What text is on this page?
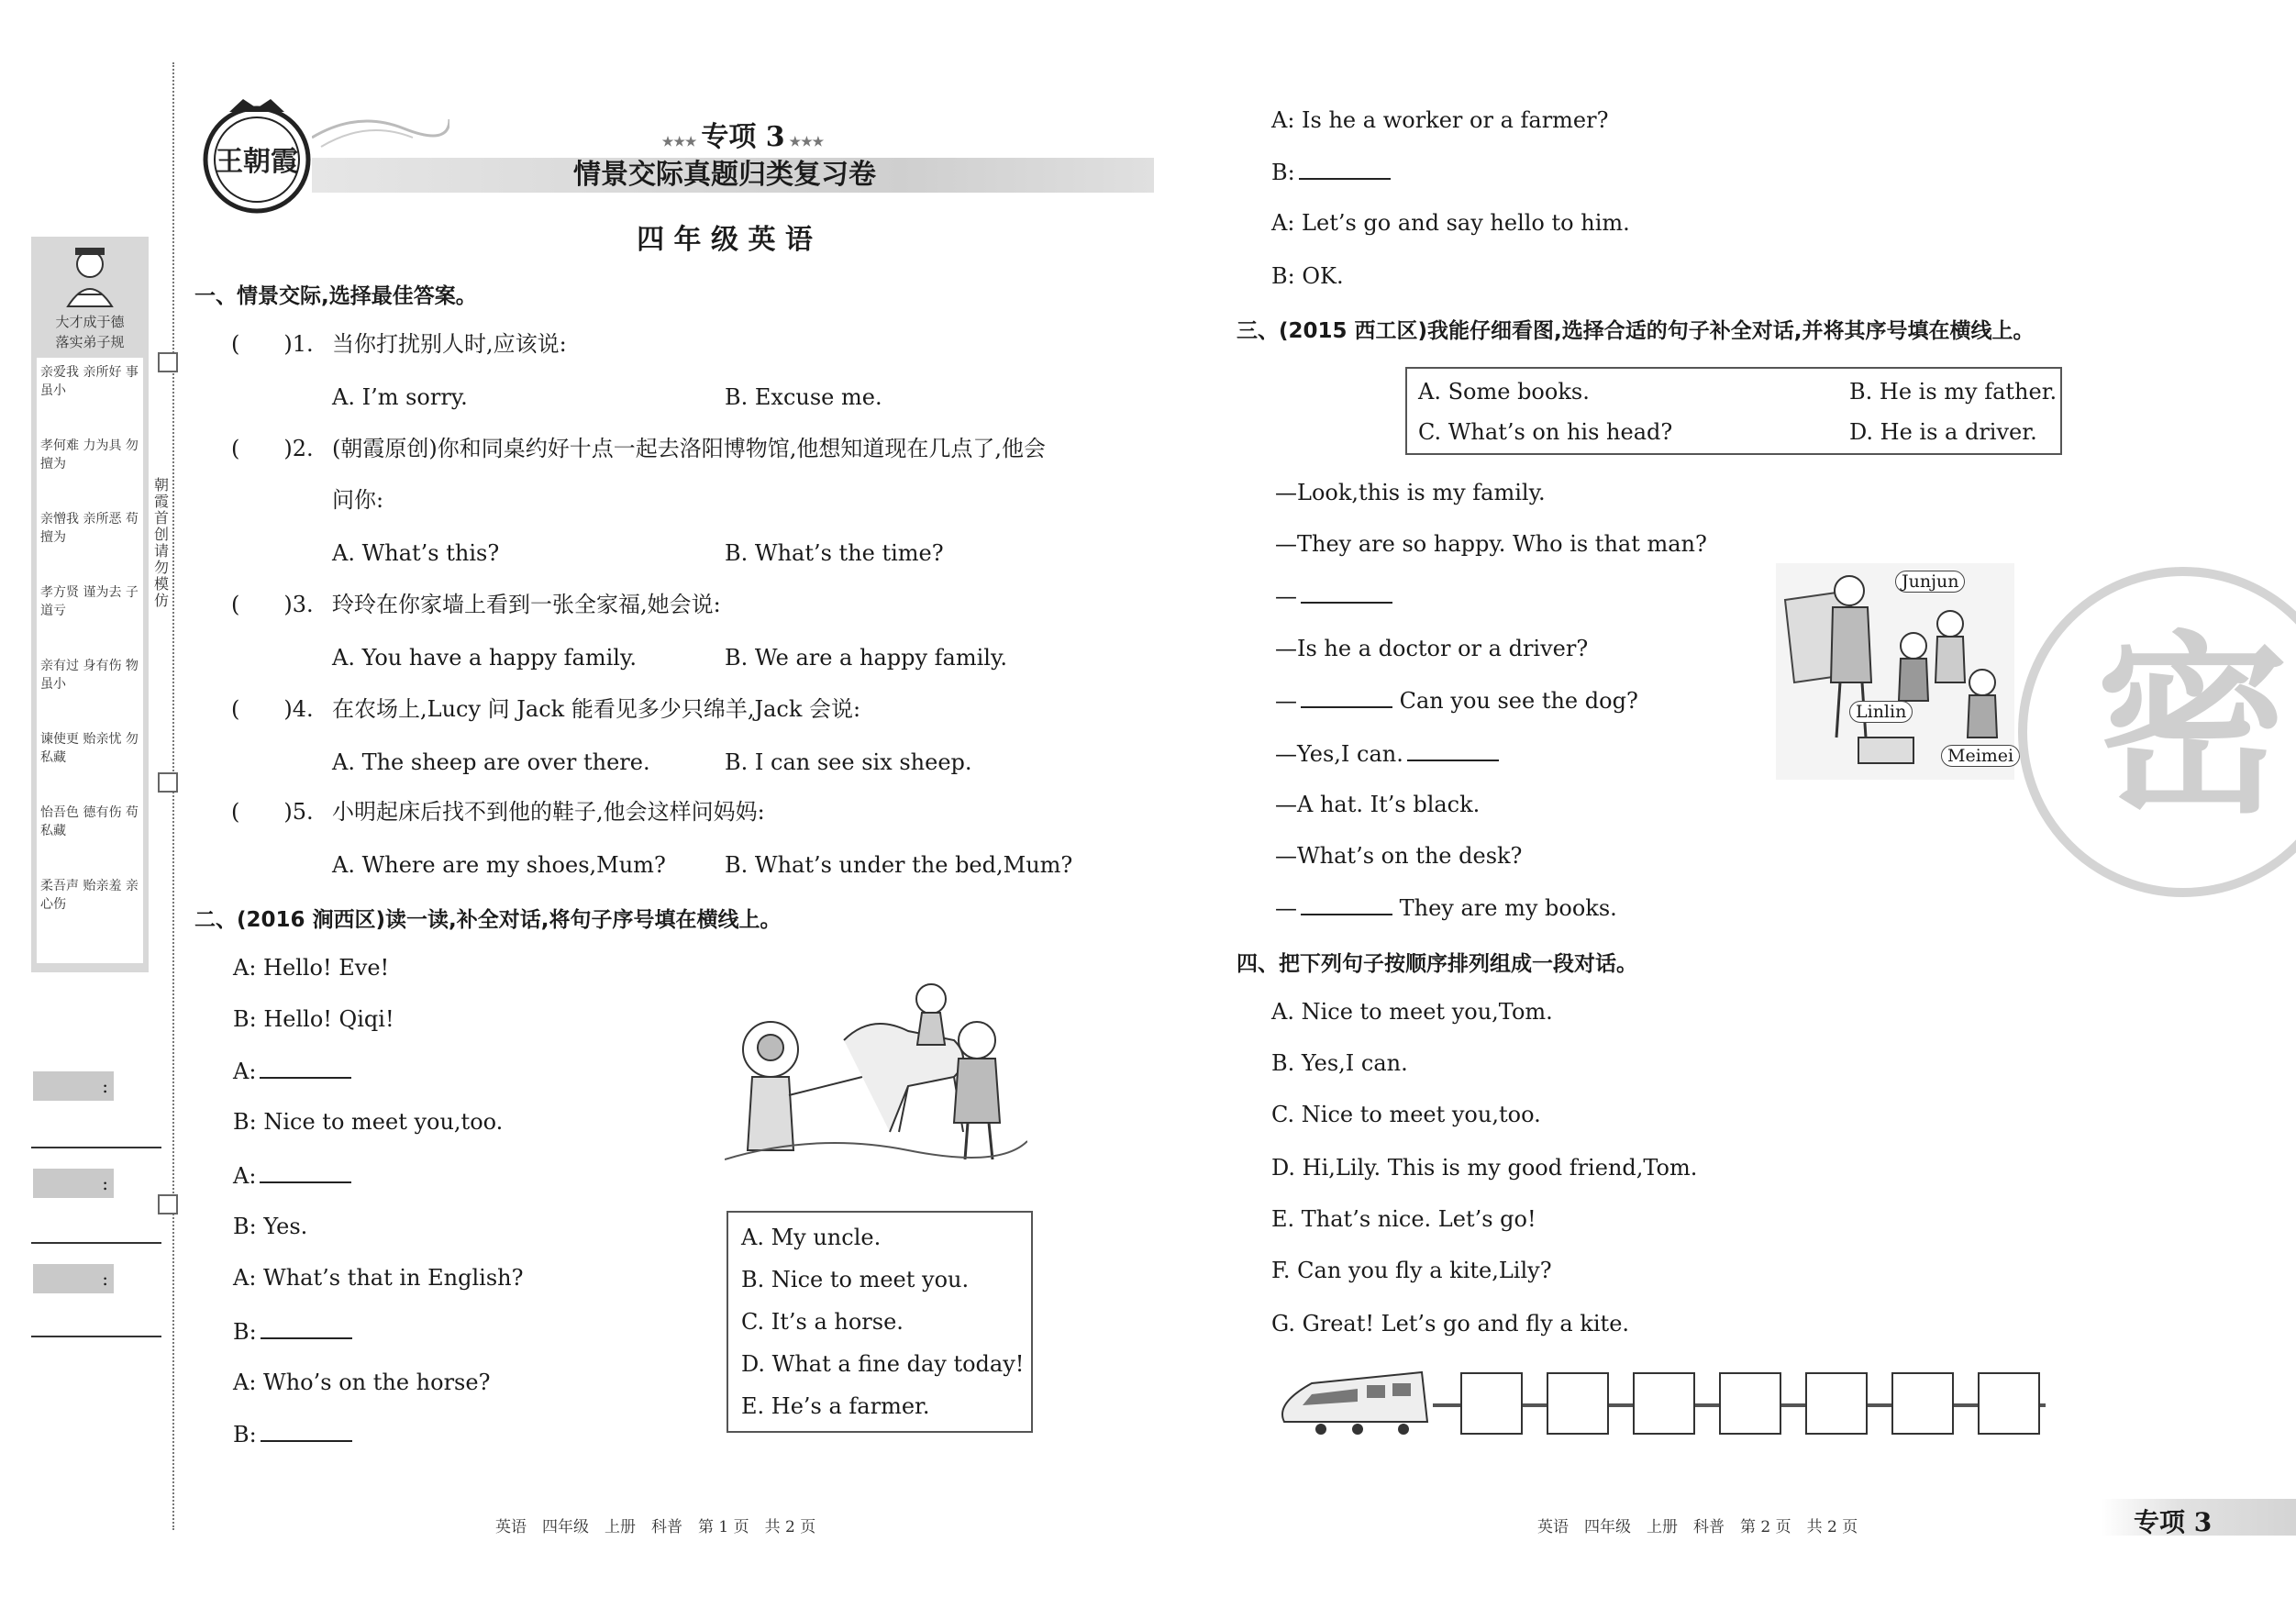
大才成于德
落实弟子规
亲爱我 亲所好 事虽小
孝何难 力为具 勿擅为
亲憎我 亲所恶 苟擅为
孝方贤 谨为去 子道亏
亲有过 身有伤 物虽小
谏使更 贻亲忧 勿私藏
怡吾色 德有伤 苟私藏
柔吾声 贻亲羞 亲心伤
朝霞首创 请勿模仿
:
:
:
王朝霞
★★★ 专项 3 ★★★
情景交际真题归类复习卷
四 年 级 英 语
一、情景交际,选择最佳答案。
(　　)1. 当你打扰别人时,应该说:
A. I’m sorry.	B. Excuse me.
(　　)2. (朝霞原创)你和同桌约好十点一起去洛阳博物馆,他想知道现在几点了,他会
问你:
A. What’s this?	B. What’s the time?
(　　)3. 玲玲在你家墙上看到一张全家福,她会说:
A. You have a happy family.	B. We are a happy family.
(　　)4. 在农场上,Lucy 问 Jack 能看见多少只绵羊,Jack 会说:
A. The sheep are over there.	B. I can see six sheep.
(　　)5. 小明起床后找不到他的鞋子,他会这样问妈妈:
A. Where are my shoes,Mum?	B. What’s under the bed,Mum?
二、(2016 涧西区)读一读,补全对话,将句子序号填在横线上。
A: Hello! Eve!
B: Hello! Qiqi!
A:
B: Nice to meet you,too.
A:
B: Yes.
A: What’s that in English?
B:
A: Who’s on the horse?
B:
A. My uncle.
B. Nice to meet you.
C. It’s a horse.
D. What a fine day today!
E. He’s a farmer.
A: Is he a worker or a farmer?
B:
A: Let’s go and say hello to him.
B: OK.
三、(2015 西工区)我能仔细看图,选择合适的句子补全对话,并将其序号填在横线上。
A. Some books.	B. He is my father.
C. What’s on his head?	D. He is a driver.
—Look,this is my family.
—They are so happy. Who is that man?
—
—Is he a doctor or a driver?
—	Can you see the dog?
—Yes,I can.
—A hat. It’s black.
—What’s on the desk?
—	They are my books.
Junjun
Linlin
Meimei 密
四、把下列句子按顺序排列组成一段对话。
A. Nice to meet you,Tom.
B. Yes,I can.
C. Nice to meet you,too.
D. Hi,Lily. This is my good friend,Tom.
E. That’s nice. Let’s go!
F. Can you fly a kite,Lily?
G. Great! Let’s go and fly a kite.
英语　四年级　上册　科普　第 1 页　共 2 页	英语　四年级　上册　科普　第 2 页　共 2 页	专项 3
